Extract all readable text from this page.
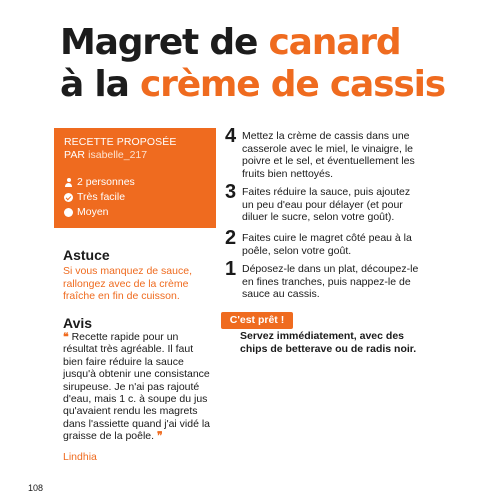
Magret de canard
à la crème de cassis
RECETTE PROPOSÉE
PAR isabelle_217
2 personnes
Très facile
Moyen
Astuce
Si vous manquez de sauce, rallongez avec de la crème fraîche en fin de cuisson.
Avis
❝ Recette rapide pour un résultat très agréable. Il faut bien faire réduire la sauce jusqu'à obtenir une consistance sirupeuse. Je n'ai pas rajouté d'eau, mais 1 c. à soupe du jus qu'avaient rendu les magrets dans l'assiette quand j'ai vidé la graisse de la poêle. ❞
Lindhia
4 Mettez la crème de cassis dans une casserole avec le miel, le vinaigre, le poivre et le sel, et éventuellement les fruits bien nettoyés.
3 Faites réduire la sauce, puis ajoutez un peu d'eau pour délayer (et pour diluer le sucre, selon votre goût).
2 Faites cuire le magret côté peau à la poêle, selon votre goût.
1 Déposez-le dans un plat, découpez-le en fines tranches, puis nappez-le de sauce au cassis.
C'est prêt !
Servez immédiatement, avec des chips de betterave ou de radis noir.
108
